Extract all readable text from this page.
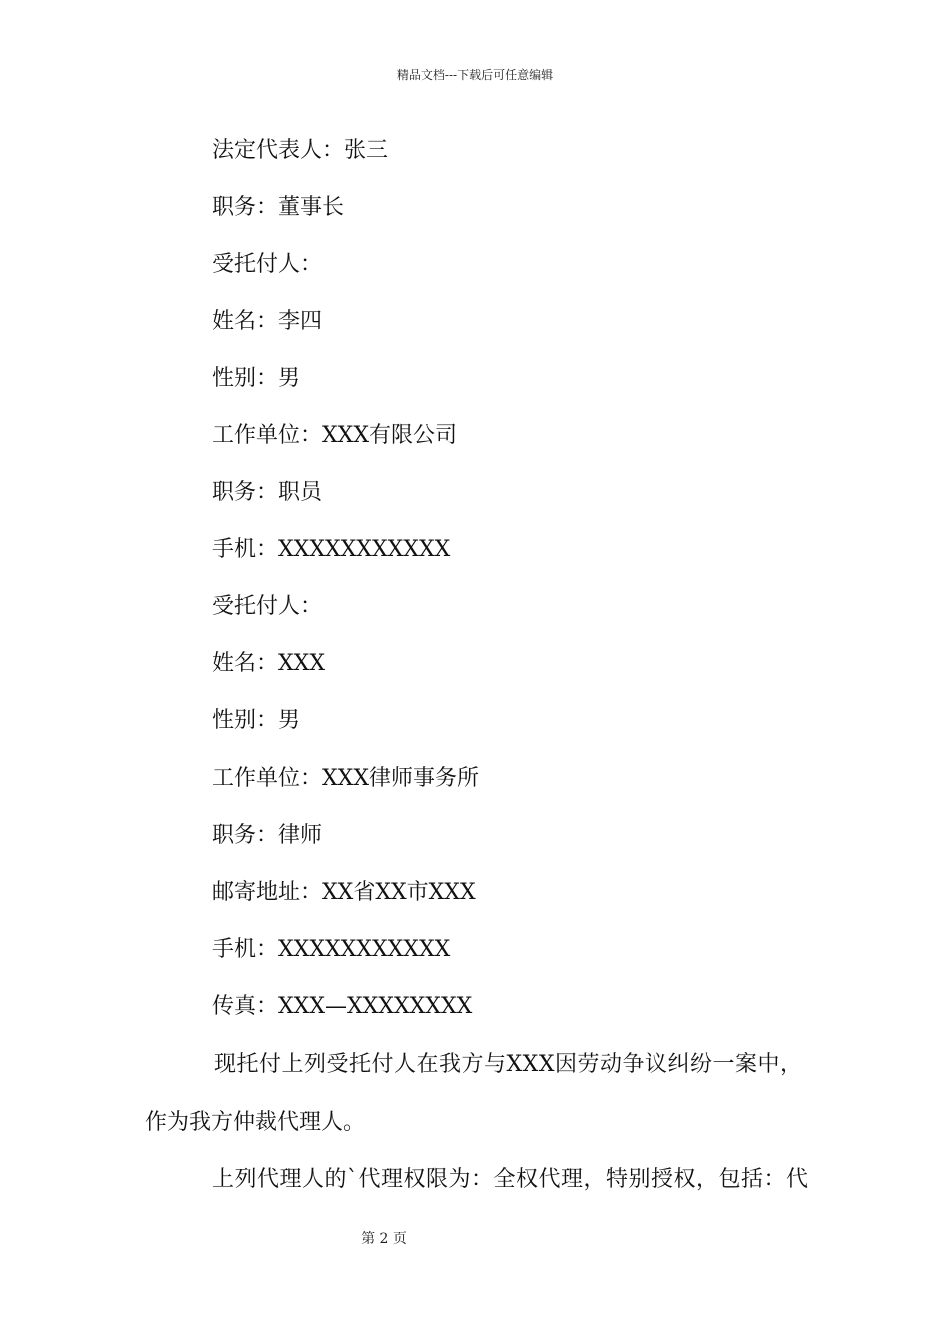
精品文档---下载后可任意编辑
法定代表人：张三
职务：董事长
受托付人：
姓名：李四
性别：男
工作单位：XXX有限公司
职务：职员
手机：XXXXXXXXXXX
受托付人：
姓名：XXX
性别：男
工作单位：XXX律师事务所
职务：律师
邮寄地址：XX省XX市XXX
手机：XXXXXXXXXXX
传真：XXX—XXXXXXXX
现托付上列受托付人在我方与XXX因劳动争议纠纷一案中，
作为我方仲裁代理人。
上列代理人的`代理权限为：全权代理，特别授权，包括：代
第 2 页
